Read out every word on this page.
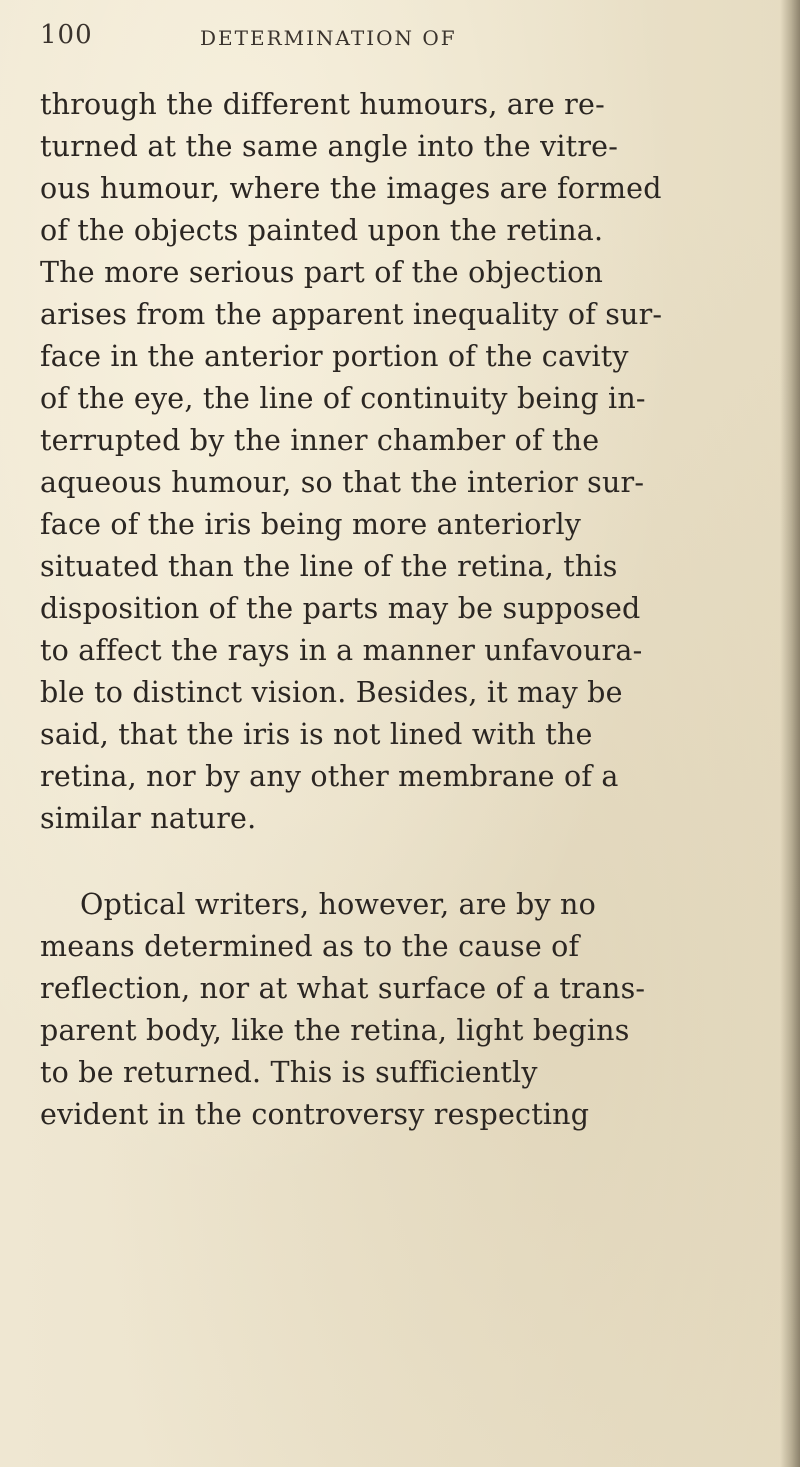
100	DETERMINATION OF
through the different humours, are re-
turned at the same angle into the vitre-
ous humour, where the images are formed
of the objects painted upon the retina.
The more serious part of the objection
arises from the apparent inequality of sur-
face in the anterior portion of the cavity
of the eye, the line of continuity being in-
terrupted by the inner chamber of the
aqueous humour, so that the interior sur-
face of the iris being more anteriorly
situated than the line of the retina, this
disposition of the parts may be supposed
to affect the rays in a manner unfavoura-
ble to distinct vision. Besides, it may be
said, that the iris is not lined with the
retina, nor by any other membrane of a
similar nature.
Optical writers, however, are by no
means determined as to the cause of
reflection, nor at what surface of a trans-
parent body, like the retina, light begins
to be returned. This is sufficiently
evident in the controversy respecting
